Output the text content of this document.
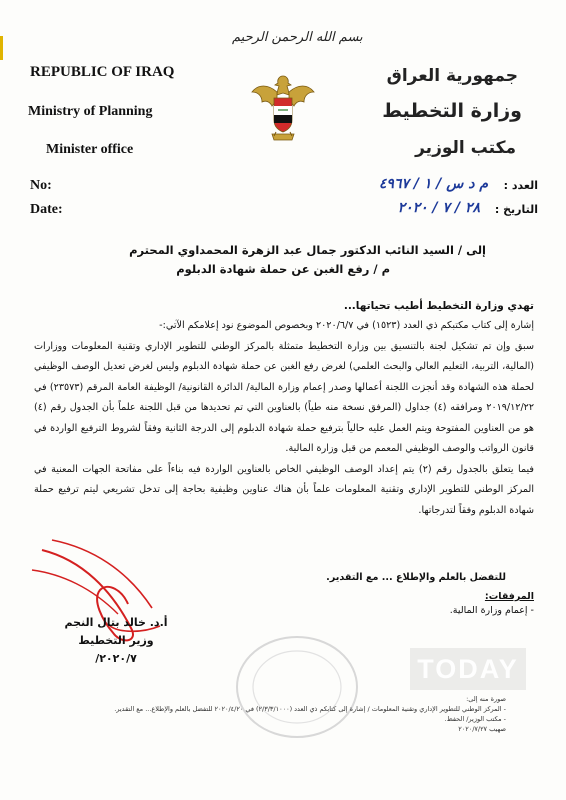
بسم الله الرحمن الرحيم
REPUBLIC OF IRAQ
Ministry of Planning
Minister office
جمهورية العراق
وزارة التخطيط
مكتب الوزير
No:
Date:
العدد :
التاريخ :
م د س / ١ / ٤٩٦٧
٢٨ / ٧ / ٢٠٢٠
إلى / السيد النائب الدكتور جمال عبد الزهرة المحمداوي المحترم
م / رفع الغبن عن حملة شهادة الدبلوم
تهدي وزارة التخطيط أطيب تحياتها...

إشارة إلى كتاب مكتبكم ذي العدد (١٥٢٣) في ٢٠٢٠/٦/٧ وبخصوص الموضوع نود إعلامكم الآتي:-

سبق وإن تم تشكيل لجنة بالتنسيق بين وزارة التخطيط متمثلة بالمركز الوطني للتطوير الإداري وتقنية المعلومات ووزارات (المالية، التربية، التعليم العالي والبحث العلمي) لغرض رفع الغبن عن حملة شهادة الدبلوم وليس لغرض تعديل الوصف الوظيفي لحملة هذه الشهادة وقد أنجزت اللجنة أعمالها وصدر إعمام وزارة المالية/ الدائرة القانونية/ الوظيفة العامة المرقم (٢٣٥٧٣) في ٢٠١٩/١٢/٢٢ ومرافقه (٤) جداول (المرفق نسخة منه طياً) بالعناوين التي تم تحديدها من قبل اللجنة علماً بأن الجدول رقم (٤) هو من العناوين المفتوحة ويتم العمل عليه حالياً بترفيع حملة شهادة الدبلوم إلى الدرجة الثانية وفقاً لشروط الترفيع الواردة في قانون الرواتب والوصف الوظيفي المعمم من قبل وزارة المالية.

فيما يتعلق بالجدول رقم (٢) يتم إعداد الوصف الوظيفي الخاص بالعناوين الواردة فيه بناءاً على مفاتحة الجهات المعنية في المركز الوطني للتطوير الإداري وتقنية المعلومات علماً بأن هناك عناوين وظيفية بحاجة إلى تدخل تشريعي ليتم ترفيع حملة شهادة الدبلوم وفقاً لتدرجاتها.

للتفضل بالعلم والإطلاع ... مع التقدير.
المرفقات:
- إعمام وزارة المالية.
أ.د. خالد بتال النجم
وزير التخطيط
٢٠٢٠/٧/	TODAY
صورة منه إلى:
- المركز الوطني للتطوير الإداري وتقنية المعلومات / إشارة إلى كتابكم ذي العدد (٢/٣/٣/١٠٠٠) في ٢٠٢٠/٤/٢٠ للتفضل بالعلم والإطلاع... مع التقدير.
- مكتب الوزير/ الحفظ.
صهيب ٢٠٢٠/٧/٢٧
